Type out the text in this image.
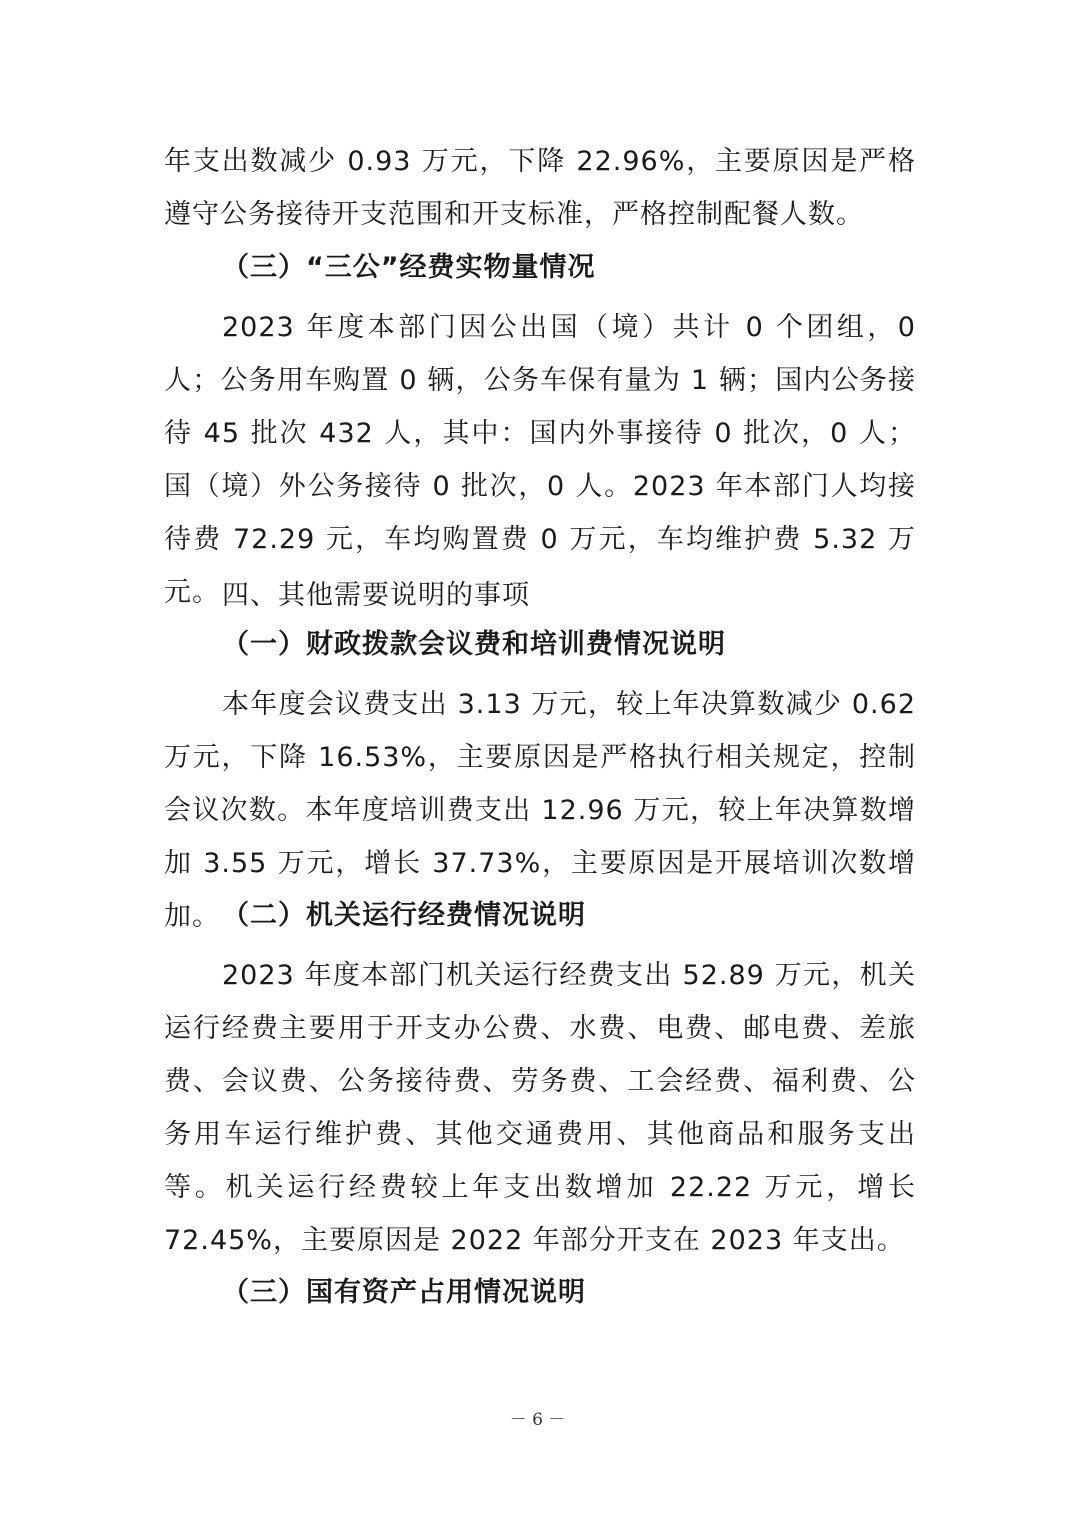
年支出数减少 0.93 万元，下降 22.96%，主要原因是严格遵守公务接待开支范围和开支标准，严格控制配餐人数。

（三）“三公”经费实物量情况

2023 年度本部门因公出国（境）共计 0 个团组，0 人；公务用车购置 0 辆，公务车保有量为 1 辆；国内公务接待 45 批次 432 人，其中：国内外事接待 0 批次，0 人；国（境）外公务接待 0 批次，0 人。2023 年本部门人均接待费 72.29 元，车均购置费 0 万元，车均维护费 5.32 万元。 四、其他需要说明的事项

（一）财政拨款会议费和培训费情况说明

本年度会议费支出 3.13 万元，较上年决算数减少 0.62 万元，下降 16.53%，主要原因是严格执行相关规定，控制会议次数。本年度培训费支出 12.96 万元，较上年决算数增加 3.55 万元，增长 37.73%，主要原因是开展培训次数增加。 （二）机关运行经费情况说明

2023 年度本部门机关运行经费支出 52.89 万元，机关运行经费主要用于开支办公费、水费、电费、邮电费、差旅费、会议费、公务接待费、劳务费、工会经费、福利费、公务用车运行维护费、其他交通费用、其他商品和服务支出等。机关运行经费较上年支出数增加 22.22 万元，增长 72.45%，主要原因是 2022 年部分开支在 2023 年支出。

（三）国有资产占用情况说明

－ 6 －
